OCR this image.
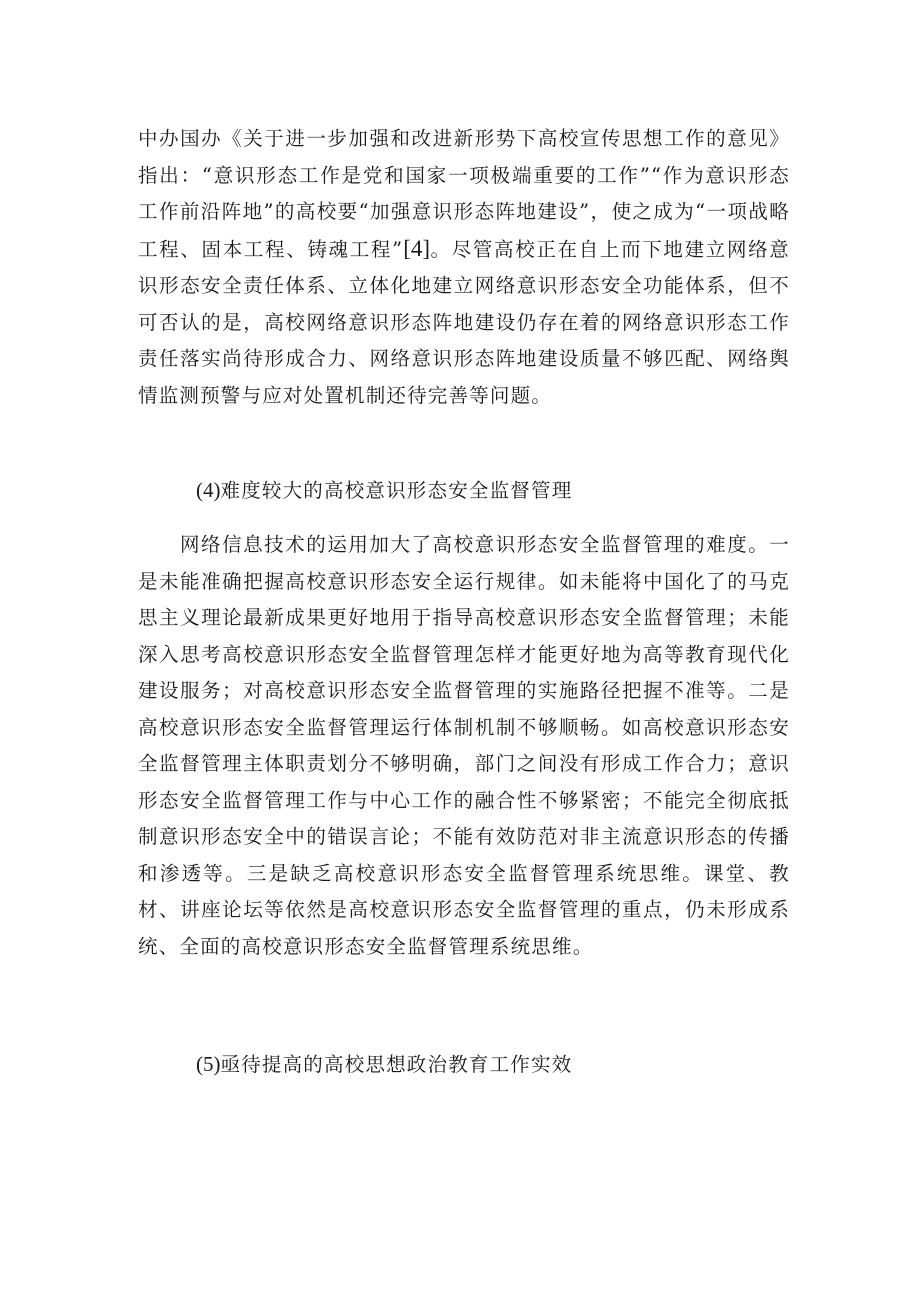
中办国办《关于进一步加强和改进新形势下高校宣传思想工作的意见》指出：“意识形态工作是党和国家一项极端重要的工作”“作为意识形态工作前沿阵地”的高校要“加强意识形态阵地建设”，使之成为“一项战略工程、固本工程、铸魂工程”[4]。尽管高校正在自上而下地建立网络意识形态安全责任体系、立体化地建立网络意识形态安全功能体系，但不可否认的是，高校网络意识形态阵地建设仍存在着的网络意识形态工作责任落实尚待形成合力、网络意识形态阵地建设质量不够匹配、网络舆情监测预警与应对处置机制还待完善等问题。

(4)难度较大的高校意识形态安全监督管理

网络信息技术的运用加大了高校意识形态安全监督管理的难度。一是未能准确把握高校意识形态安全运行规律。如未能将中国化了的马克思主义理论最新成果更好地用于指导高校意识形态安全监督管理；未能深入思考高校意识形态安全监督管理怎样才能更好地为高等教育现代化建设服务；对高校意识形态安全监督管理的实施路径把握不准等。二是高校意识形态安全监督管理运行体制机制不够顺畅。如高校意识形态安全监督管理主体职责划分不够明确，部门之间没有形成工作合力；意识形态安全监督管理工作与中心工作的融合性不够紧密；不能完全彻底抵制意识形态安全中的错误言论；不能有效防范对非主流意识形态的传播和渗透等。三是缺乏高校意识形态安全监督管理系统思维。课堂、教材、讲座论坛等依然是高校意识形态安全监督管理的重点，仍未形成系统、全面的高校意识形态安全监督管理系统思维。

(5)亟待提高的高校思想政治教育工作实效
